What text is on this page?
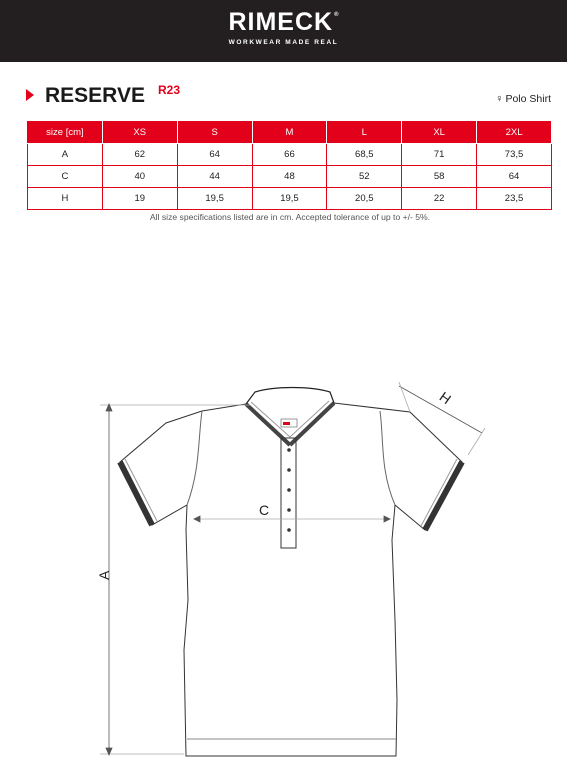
RIMECK®
WORKWEAR MADE REAL
RESERVE R23
♀ Polo Shirt
size [cm]	XS	S	M	L	XL	2XL
A	62	64	66	68,5	71	73,5
C	40	44	48	52	58	64
H	19	19,5	19,5	20,5	22	23,5
All size specifications listed are in cm. Accepted tolerance of up to +/- 5%.
A
C
H
